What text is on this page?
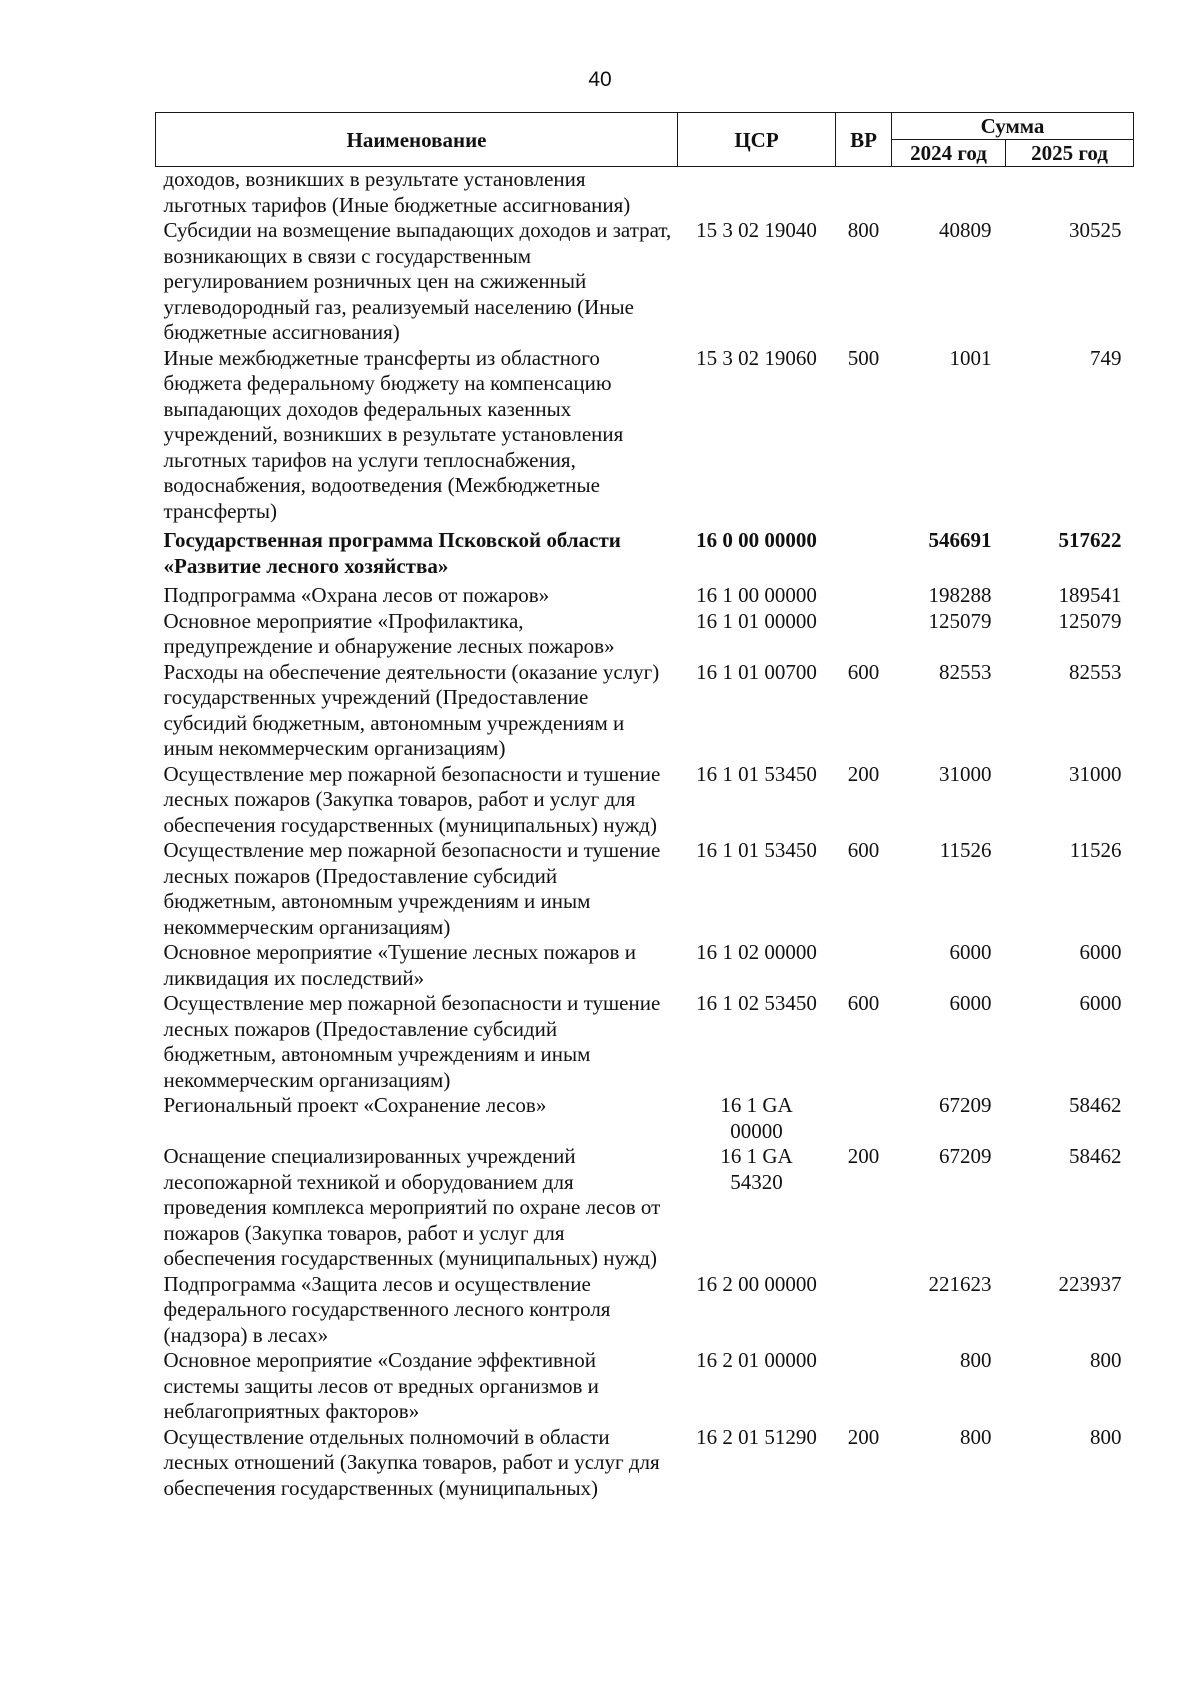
40
Наименование	ЦСР	ВР	Сумма	
			2024 год	2025 год
доходов, возникших в результате установления льготных тарифов (Иные бюджетные ассигнования)				
Субсидии на возмещение выпадающих доходов и затрат, возникающих в связи с государственным регулированием розничных цен на сжиженный углеводородный газ, реализуемый населению (Иные бюджетные ассигнования)	15 3 02 19040	800	40809	30525
Иные межбюджетные трансферты из областного бюджета федеральному бюджету на компенсацию выпадающих доходов федеральных казенных учреждений, возникших в результате установления льготных тарифов на услуги теплоснабжения, водоснабжения, водоотведения (Межбюджетные трансферты)	15 3 02 19060	500	1001	749
Государственная программа Псковской области «Развитие лесного хозяйства»	16 0 00 00000		546691	517622
Подпрограмма «Охрана лесов от пожаров»	16 1 00 00000		198288	189541
Основное мероприятие «Профилактика, предупреждение и обнаружение лесных пожаров»	16 1 01 00000		125079	125079
Расходы на обеспечение деятельности (оказание услуг) государственных учреждений (Предоставление субсидий бюджетным, автономным учреждениям и иным некоммерческим организациям)	16 1 01 00700	600	82553	82553
Осуществление мер пожарной безопасности и тушение лесных пожаров (Закупка товаров, работ и услуг для обеспечения государственных (муниципальных) нужд)	16 1 01 53450	200	31000	31000
Осуществление мер пожарной безопасности и тушение лесных пожаров (Предоставление субсидий бюджетным, автономным учреждениям и иным некоммерческим организациям)	16 1 01 53450	600	11526	11526
Основное мероприятие «Тушение лесных пожаров и ликвидация их последствий»	16 1 02 00000		6000	6000
Осуществление мер пожарной безопасности и тушение лесных пожаров (Предоставление субсидий бюджетным, автономным учреждениям и иным некоммерческим организациям)	16 1 02 53450	600	6000	6000
Региональный проект «Сохранение лесов»	16 1 GA 00000		67209	58462
Оснащение специализированных учреждений лесопожарной техникой и оборудованием для проведения комплекса мероприятий по охране лесов от пожаров (Закупка товаров, работ и услуг для обеспечения государственных (муниципальных) нужд)	16 1 GA 54320	200	67209	58462
Подпрограмма «Защита лесов и осуществление федерального государственного лесного контроля (надзора) в лесах»	16 2 00 00000		221623	223937
Основное мероприятие «Создание эффективной системы защиты лесов от вредных организмов и неблагоприятных факторов»	16 2 01 00000		800	800
Осуществление отдельных полномочий в области лесных отношений (Закупка товаров, работ и услуг для обеспечения государственных (муниципальных)	16 2 01 51290	200	800	800
